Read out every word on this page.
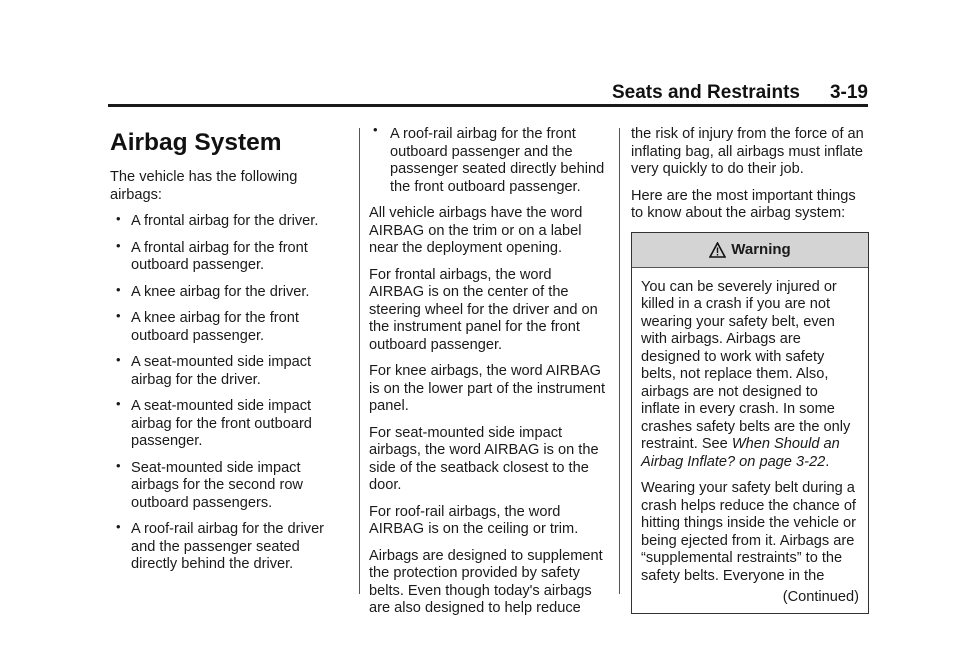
Seats and Restraints 3-19
Airbag System

The vehicle has the following airbags:

• A frontal airbag for the driver.
• A frontal airbag for the front outboard passenger.
• A knee airbag for the driver.
• A knee airbag for the front outboard passenger.
• A seat-mounted side impact airbag for the driver.
• A seat-mounted side impact airbag for the front outboard passenger.
• Seat-mounted side impact airbags for the second row outboard passengers.
• A roof-rail airbag for the driver and the passenger seated directly behind the driver.
• A roof-rail airbag for the front outboard passenger and the passenger seated directly behind the front outboard passenger.

All vehicle airbags have the word AIRBAG on the trim or on a label near the deployment opening.

For frontal airbags, the word AIRBAG is on the center of the steering wheel for the driver and on the instrument panel for the front outboard passenger.

For knee airbags, the word AIRBAG is on the lower part of the instrument panel.

For seat-mounted side impact airbags, the word AIRBAG is on the side of the seatback closest to the door.

For roof-rail airbags, the word AIRBAG is on the ceiling or trim.

Airbags are designed to supplement the protection provided by safety belts. Even though today's airbags are also designed to help reduce

the risk of injury from the force of an inflating bag, all airbags must inflate very quickly to do their job.

Here are the most important things to know about the airbag system:

Warning

You can be severely injured or killed in a crash if you are not wearing your safety belt, even with airbags. Airbags are designed to work with safety belts, not replace them. Also, airbags are not designed to inflate in every crash. In some crashes safety belts are the only restraint. See When Should an Airbag Inflate? on page 3-22.

Wearing your safety belt during a crash helps reduce the chance of hitting things inside the vehicle or being ejected from it. Airbags are “supplemental restraints” to the safety belts. Everyone in the

(Continued)
